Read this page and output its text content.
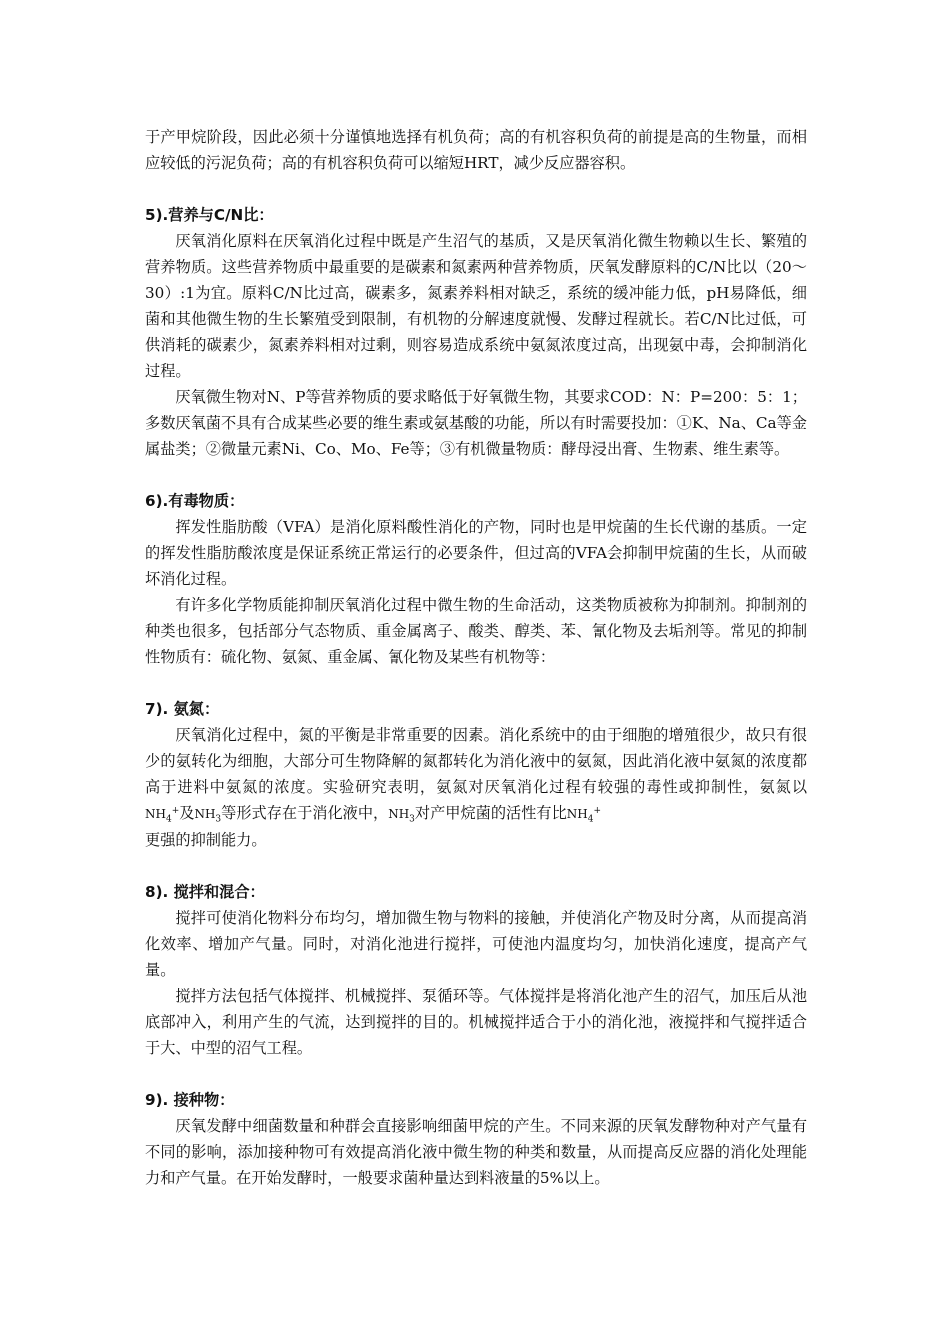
于产甲烷阶段，因此必须十分谨慎地选择有机负荷；高的有机容积负荷的前提是高的生物量，而相应较低的污泥负荷；高的有机容积负荷可以缩短HRT，减少反应器容积。

5).营养与C/N比：

厌氧消化原料在厌氧消化过程中既是产生沼气的基质，又是厌氧消化微生物赖以生长、繁殖的营养物质。这些营养物质中最重要的是碳素和氮素两种营养物质，厌氧发酵原料的C/N比以（20～30）:1为宜。原料C/N比过高，碳素多，氮素养料相对缺乏，系统的缓冲能力低，pH易降低，细菌和其他微生物的生长繁殖受到限制，有机物的分解速度就慢、发酵过程就长。若C/N比过低，可供消耗的碳素少，氮素养料相对过剩，则容易造成系统中氨氮浓度过高，出现氨中毒，会抑制消化过程。

厌氧微生物对N、P等营养物质的要求略低于好氧微生物，其要求COD：N：P=200：5：1；多数厌氧菌不具有合成某些必要的维生素或氨基酸的功能，所以有时需要投加：①K、Na、Ca等金属盐类；②微量元素Ni、Co、Mo、Fe等；③有机微量物质：酵母浸出膏、生物素、维生素等。

6).有毒物质：

挥发性脂肪酸（VFA）是消化原料酸性消化的产物，同时也是甲烷菌的生长代谢的基质。一定的挥发性脂肪酸浓度是保证系统正常运行的必要条件，但过高的VFA会抑制甲烷菌的生长，从而破坏消化过程。

有许多化学物质能抑制厌氧消化过程中微生物的生命活动，这类物质被称为抑制剂。抑制剂的种类也很多，包括部分气态物质、重金属离子、酸类、醇类、苯、氰化物及去垢剂等。常见的抑制性物质有：硫化物、氨氮、重金属、氰化物及某些有机物等：

7). 氨氮：

厌氧消化过程中，氮的平衡是非常重要的因素。消化系统中的由于细胞的增殖很少，故只有很少的氨转化为细胞，大部分可生物降解的氮都转化为消化液中的氨氮，因此消化液中氨氮的浓度都高于进料中氨氮的浓度。实验研究表明，氨氮对厌氧消化过程有较强的毒性或抑制性，氨氮以$NH_4^+$及$NH_3$等形式存在于消化液中，$NH_3$对产甲烷菌的活性有比$NH_4^+$
更强的抑制能力。

8). 搅拌和混合：

搅拌可使消化物料分布均匀，增加微生物与物料的接触，并使消化产物及时分离，从而提高消化效率、增加产气量。同时，对消化池进行搅拌，可使池内温度均匀，加快消化速度，提高产气量。

搅拌方法包括气体搅拌、机械搅拌、泵循环等。气体搅拌是将消化池产生的沼气，加压后从池底部冲入，利用产生的气流，达到搅拌的目的。机械搅拌适合于小的消化池，液搅拌和气搅拌适合于大、中型的沼气工程。

9). 接种物：

厌氧发酵中细菌数量和种群会直接影响细菌甲烷的产生。不同来源的厌氧发酵物种对产气量有不同的影响，添加接种物可有效提高消化液中微生物的种类和数量，从而提高反应器的消化处理能力和产气量。在开始发酵时，一般要求菌种量达到料液量的5%以上。
